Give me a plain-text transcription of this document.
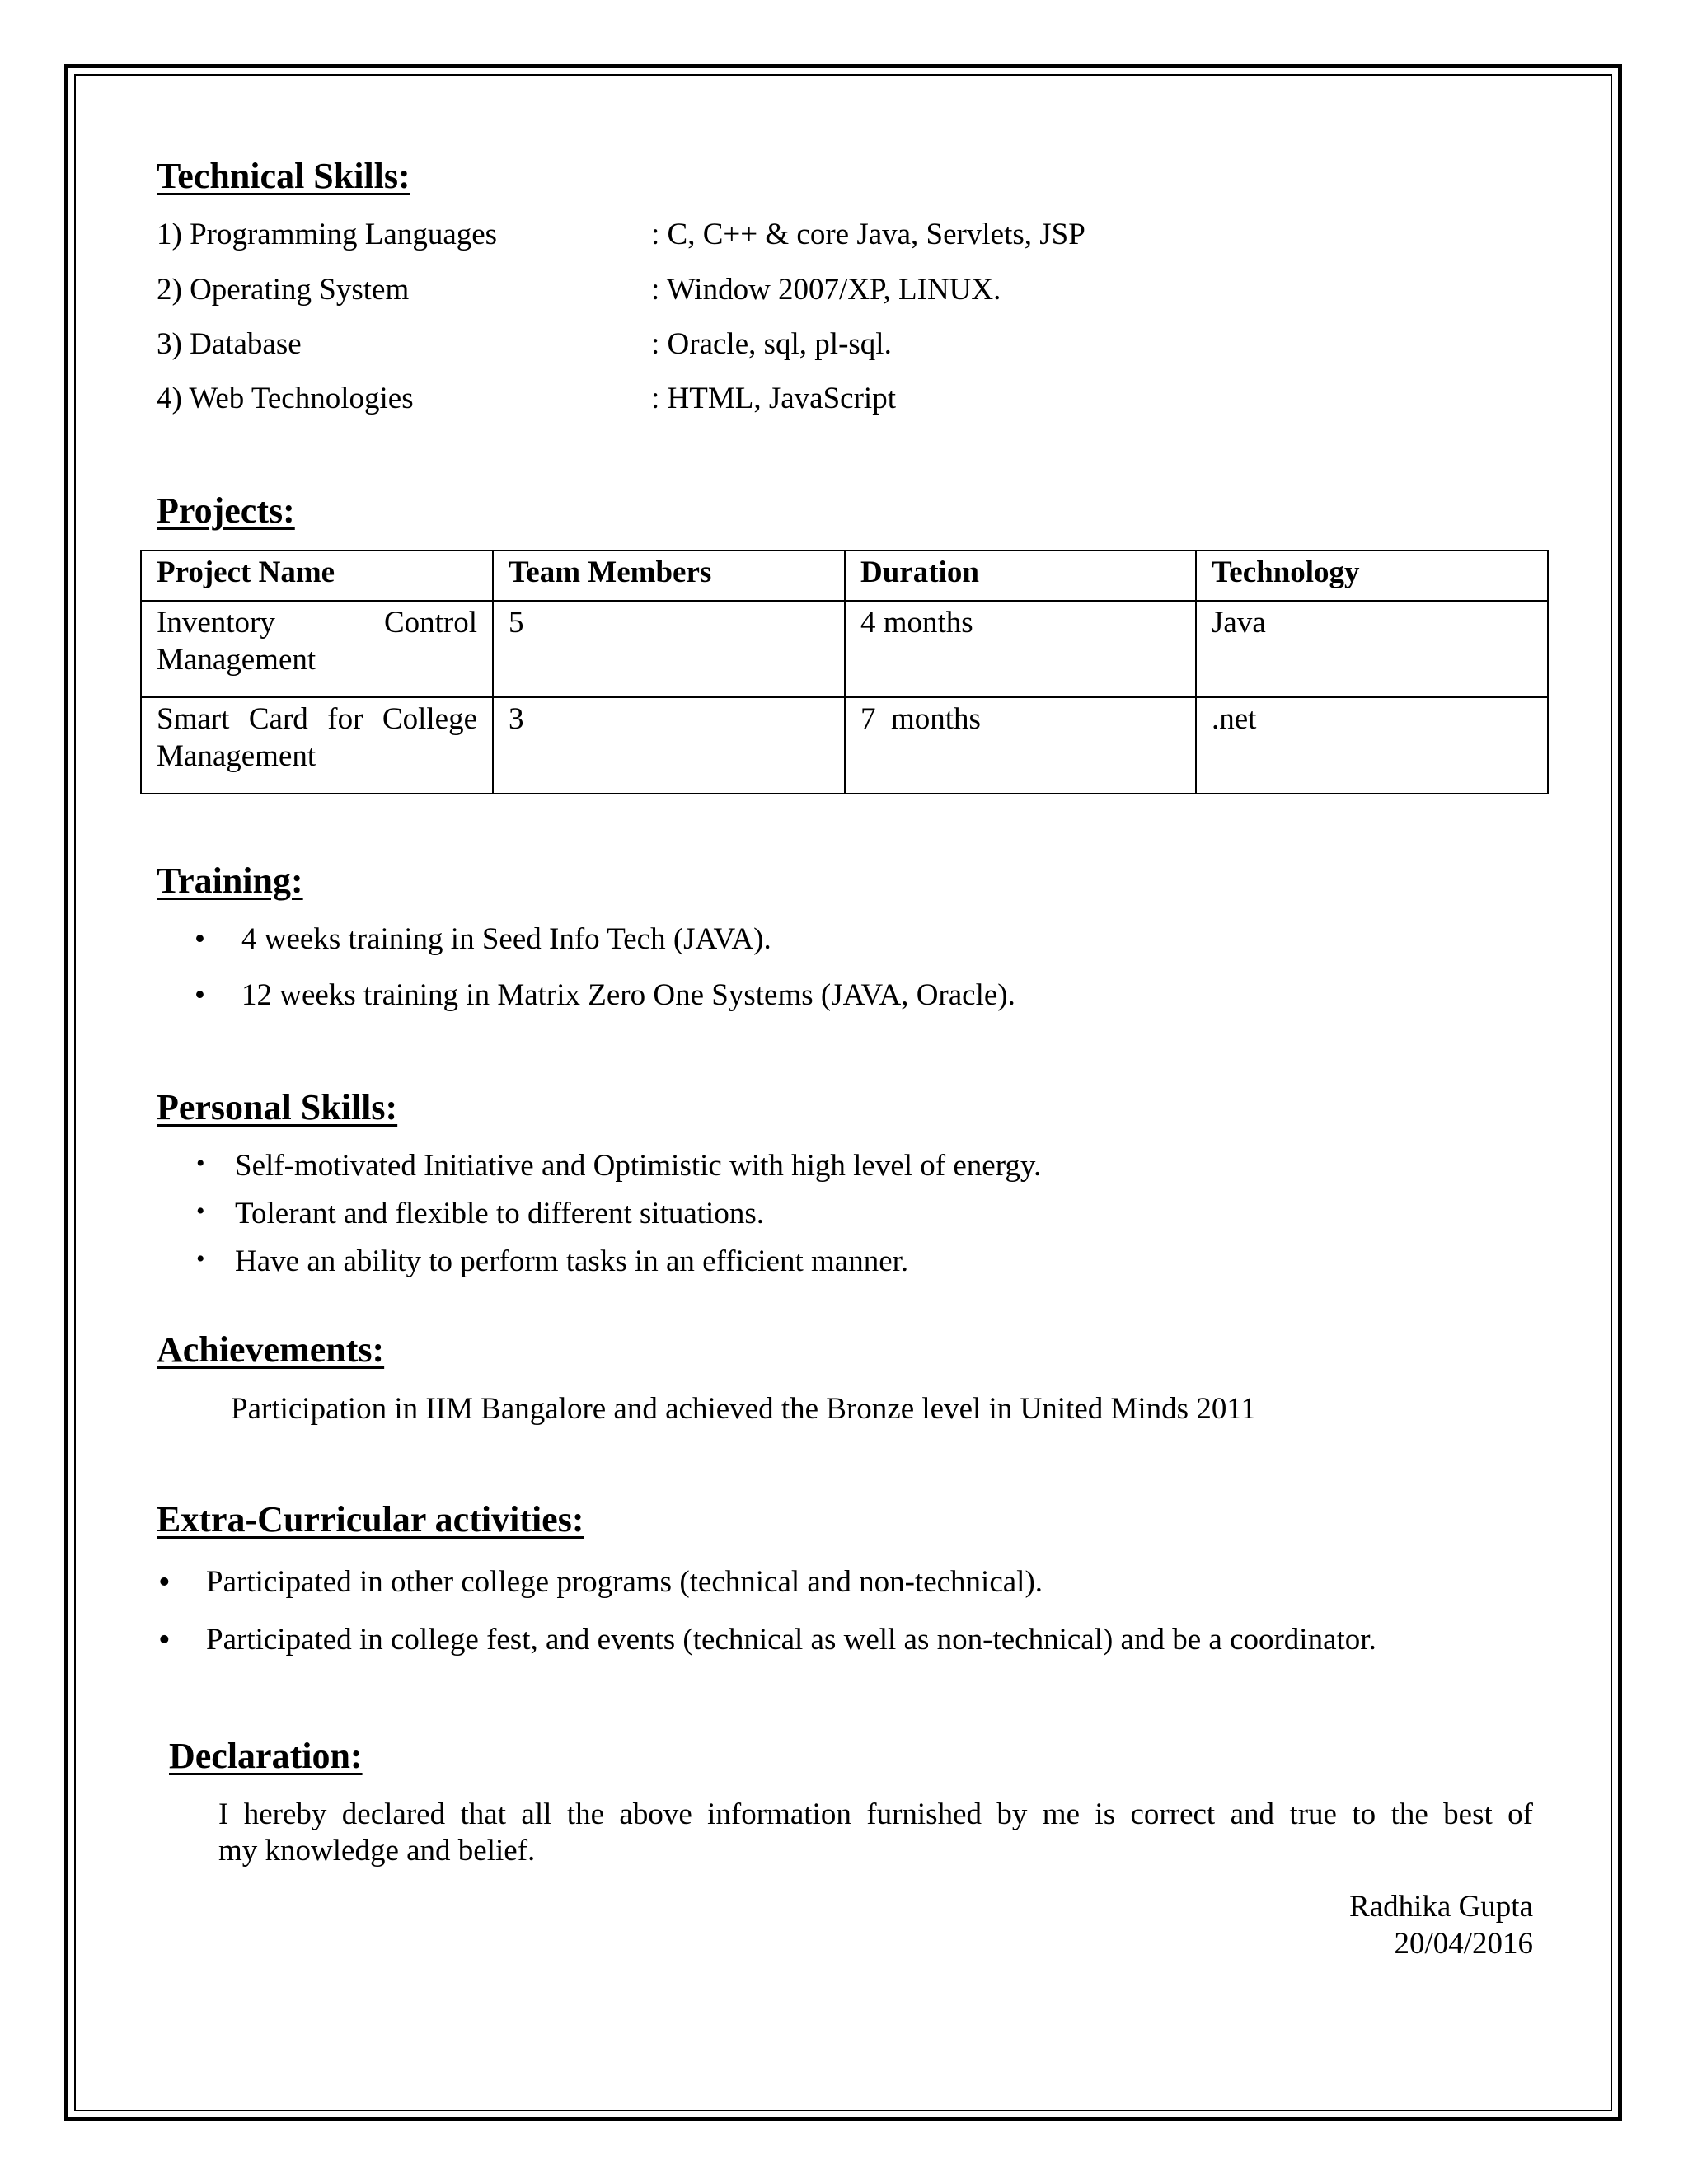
Technical Skills:
1) Programming Languages	: C, C++ & core Java, Servlets, JSP
2) Operating System	: Window 2007/XP, LINUX.
3) Database	: Oracle, sql, pl-sql.
4) Web Technologies	: HTML, JavaScript
Projects:
Project Name	Team Members	Duration	Technology

Inventory Control
Management	5	4 months	Java

Smart Card for College
Management	3	7  months	.net
Training:
• 4 weeks training in Seed Info Tech (JAVA).
• 12 weeks training in Matrix Zero One Systems (JAVA, Oracle).
Personal Skills:
• Self-motivated Initiative and Optimistic with high level of energy.
• Tolerant and flexible to different situations.
• Have an ability to perform tasks in an efficient manner.
Achievements:
Participation in IIM Bangalore and achieved the Bronze level in United Minds 2011
Extra-Curricular activities:
• Participated in other college programs (technical and non-technical).
• Participated in college fest, and events (technical as well as non-technical) and be a coordinator.
Declaration:
I hereby declared that all the above information furnished by me is correct and true to the best of
my knowledge and belief.
Radhika Gupta
20/04/2016
